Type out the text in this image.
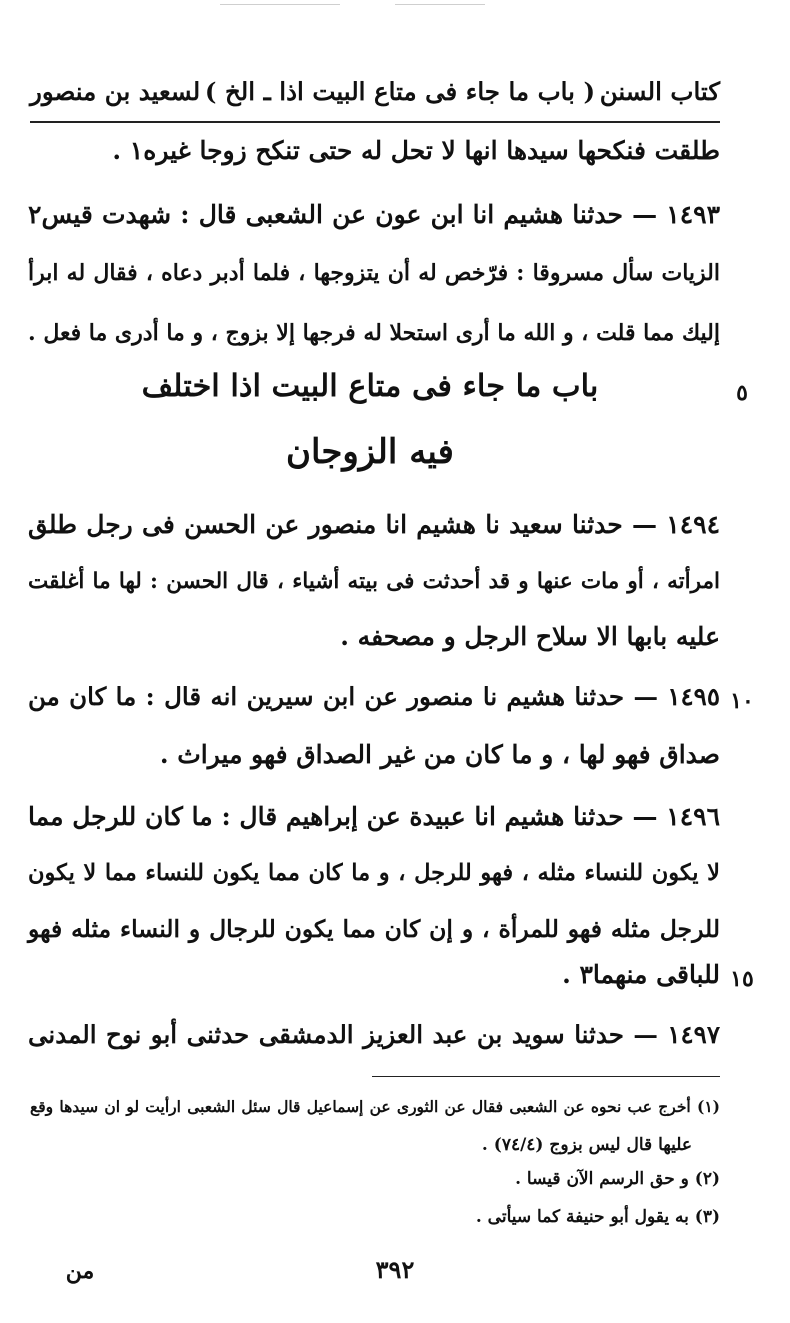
كتاب السنن
( باب ما جاء فى متاع البيت اذا ـ الخ )
لسعيد بن منصور
طلقت فنكحها سيدها انها لا تحل له حتى تنكح زوجا غيره١ .
١٤٩٣ — حدثنا هشيم انا ابن عون عن الشعبى قال : شهدت قيس٢
الزيات سأل مسروقا : فرّخص له أن يتزوجها ، فلما أدبر دعاه ، فقال له ابرأ
إليك مما قلت ، و الله ما أرى استحلا له فرجها إلا بزوج ، و ما أدرى ما فعل .
٥
باب ما جاء فى متاع البيت اذا اختلف
فيه الزوجان
١٤٩٤ — حدثنا سعيد نا هشيم انا منصور عن الحسن فى رجل طلق
امرأته ، أو مات عنها و قد أحدثت فى بيته أشياء ، قال الحسن : لها ما أغلقت
عليه بابها الا سلاح الرجل و مصحفه .
١٠
١٤٩٥ — حدثنا هشيم نا منصور عن ابن سيرين انه قال : ما كان من
صداق فهو لها ، و ما كان من غير الصداق فهو ميراث .
١٤٩٦ — حدثنا هشيم انا عبيدة عن إبراهيم قال : ما كان للرجل مما
لا يكون للنساء مثله ، فهو للرجل ، و ما كان مما يكون للنساء مما لا يكون
للرجل مثله فهو للمرأة ، و إن كان مما يكون للرجال و النساء مثله فهو
١٥
للباقى منهما٣ .
١٤٩٧ — حدثنا سويد بن عبد العزيز الدمشقى حدثنى أبو نوح المدنى
(١) أخرج عب نحوه عن الشعبى فقال عن الثورى عن إسماعيل قال سئل الشعبى ارأيت لو ان سيدها وقع
عليها قال ليس بزوج (٧٤/٤) .
(٢) و حق الرسم الآن قيسا .
(٣) به يقول أبو حنيفة كما سيأتى .
٣٩٢
من
